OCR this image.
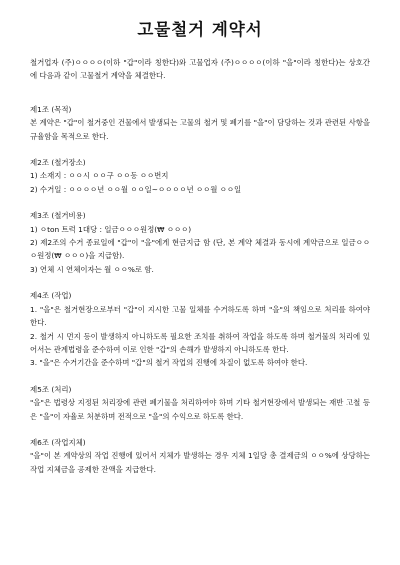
고물철거 계약서

철거업자 (주)ㅇㅇㅇㅇ(이하 "갑"이라 칭한다)와 고물업자 (주)ㅇㅇㅇㅇ(이하 "을"이라 칭한다)는 상호간에 다음과 같이 고물철거 계약을 체결한다.

제1조 (목적)

본 계약은 "갑"이 철거중인 건물에서 발생되는 고물의 철거 및 폐기를 "을"이 담당하는 것과 관련된 사항을 규율함을 목적으로 한다.

제2조 (철거장소)

1) 소재지 : ㅇㅇ시 ㅇㅇ구 ㅇㅇ동 ㅇㅇ번지

2) 수거일 : ㅇㅇㅇㅇ년 ㅇㅇ월 ㅇㅇ일~ㅇㅇㅇㅇ년 ㅇㅇ월 ㅇㅇ일

제3조 (철거비용)

1) ㅇton 트럭 1대당 : 일금ㅇㅇㅇ원정(₩ ㅇㅇㅇ)

2) 제2조의 수거 종료일에 "갑"이 "을"에게 현금지급 함 (단, 본 계약 체결과 동시에 계약금으로 일금ㅇㅇㅇ원정(₩ ㅇㅇㅇ)을 지급함).

3) 연체 시 연체이자는 월 ㅇㅇ%로 함.

제4조 (작업)

1. "을"은 철거현장으로부터 "갑"이 지시한 고물 일체를 수거하도록 하며 "을"의 책임으로 처리를 하여야 한다.

2. 철거 시 먼지 등이 발생하지 아니하도록 필요한 조치를 취하여 작업을 하도록 하며 철거물의 처리에 있어서는 관계법령을 준수하여 이로 인한 "갑"의 손해가 발생하지 아니하도록 한다.

3. "을"은 수거기간을 준수하며 "갑"의 철거 작업의 진행에 차질이 없도록 하여야 한다.

제5조 (처리)

"을"은 법령상 지정된 처리장에 관련 폐기물을 처리하여야 하며 기타 철거현장에서 발생되는 재반 고철 등은 "을"이 자율로 처분하며 전적으로 "을"의 수익으로 하도록 한다.

제6조 (작업지체)

"을"이 본 계약상의 작업 진행에 있어서 지체가 발생하는 경우 지체 1일당 총 결제금의 ㅇㅇ%에 상당하는 작업 지체금을 공제한 잔액을 지급한다.
